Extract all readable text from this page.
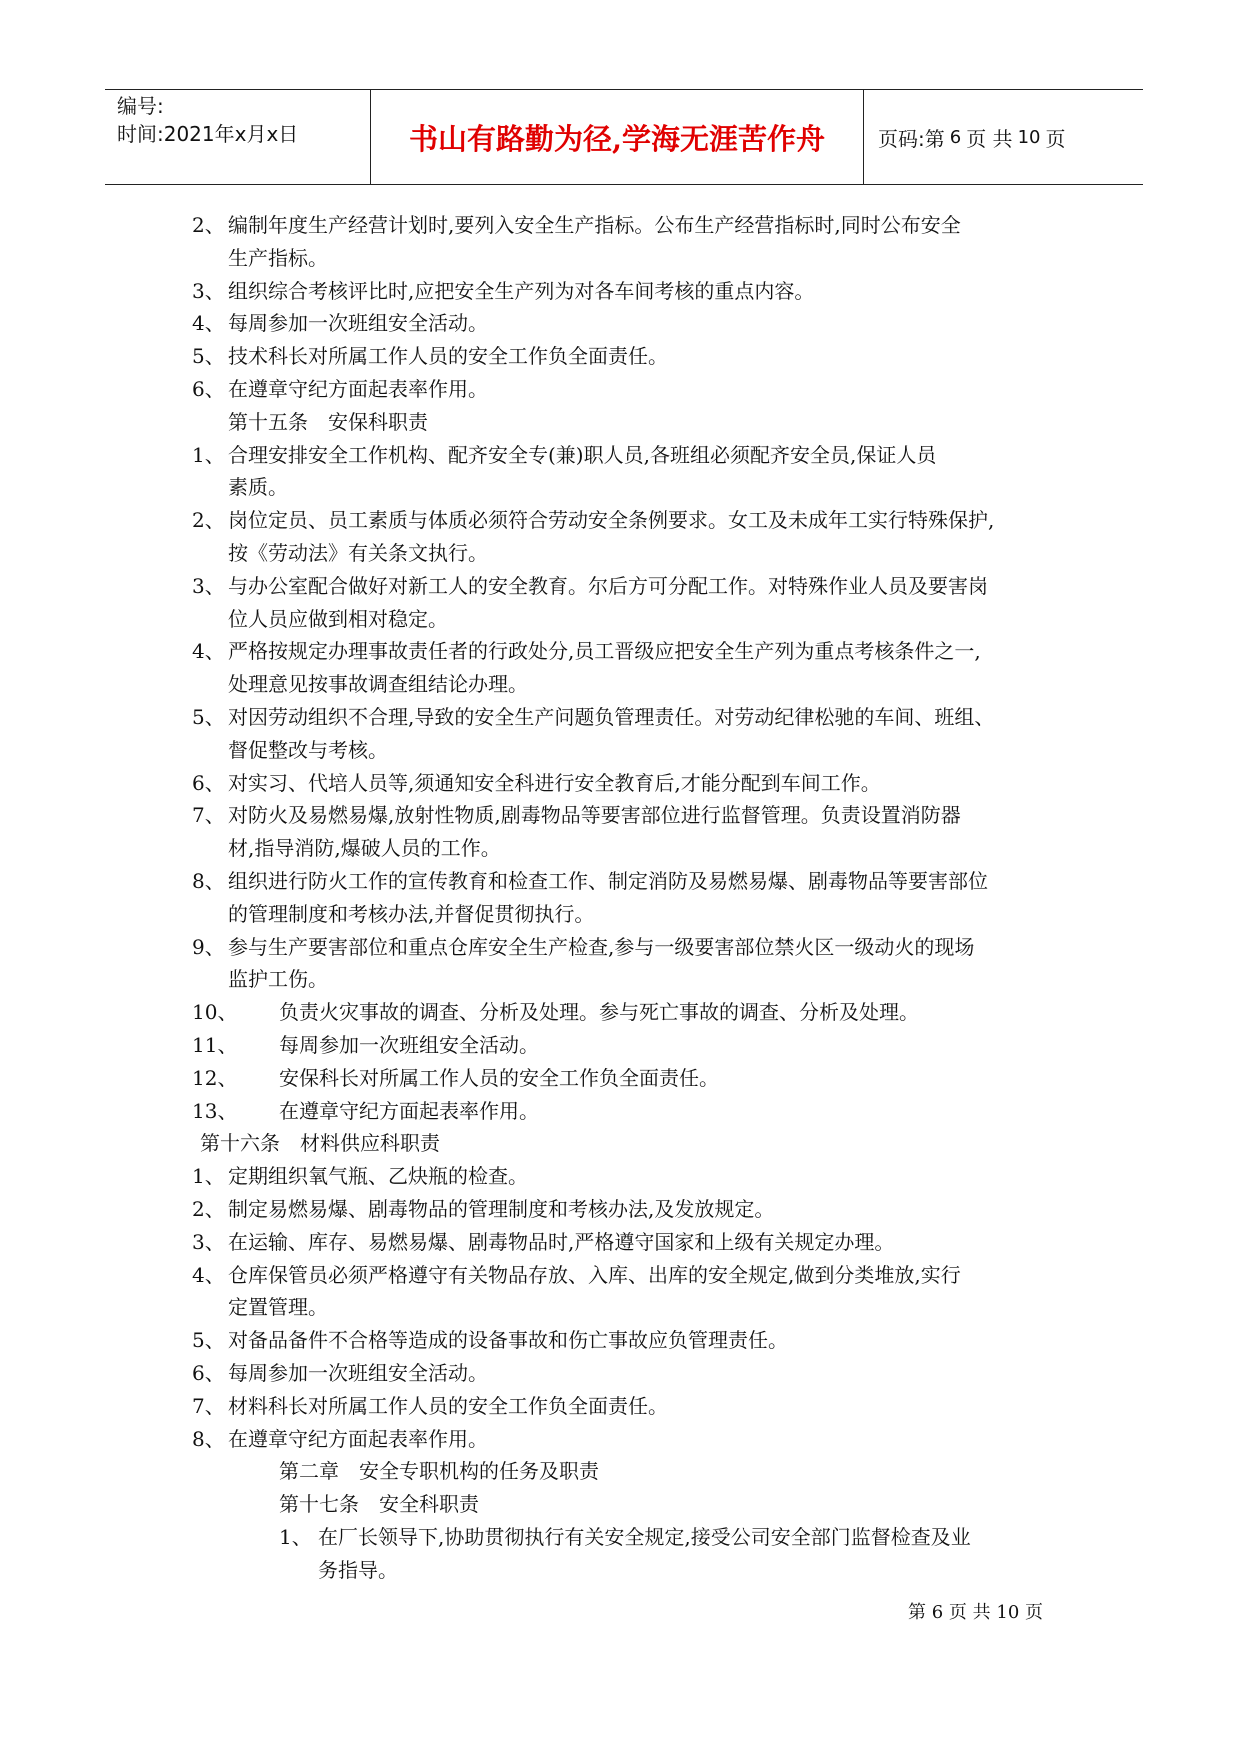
编号:
时间:2021年x月x日	书山有路勤为径,学海无涯苦作舟	页码:第 6 页 共 10 页
2、 编制年度生产经营计划时,要列入安全生产指标。公布生产经营指标时,同时公布安全
生产指标。
3、 组织综合考核评比时,应把安全生产列为对各车间考核的重点内容。
4、 每周参加一次班组安全活动。
5、 技术科长对所属工作人员的安全工作负全面责任。
6、 在遵章守纪方面起表率作用。
第十五条　安保科职责
1、 合理安排安全工作机构、配齐安全专(兼)职人员,各班组必须配齐安全员,保证人员
素质。
2、 岗位定员、员工素质与体质必须符合劳动安全条例要求。女工及未成年工实行特殊保护,
按《劳动法》有关条文执行。
3、 与办公室配合做好对新工人的安全教育。尔后方可分配工作。对特殊作业人员及要害岗
位人员应做到相对稳定。
4、 严格按规定办理事故责任者的行政处分,员工晋级应把安全生产列为重点考核条件之一,
处理意见按事故调查组结论办理。
5、 对因劳动组织不合理,导致的安全生产问题负管理责任。对劳动纪律松驰的车间、班组、
督促整改与考核。
6、 对实习、代培人员等,须通知安全科进行安全教育后,才能分配到车间工作。
7、 对防火及易燃易爆,放射性物质,剧毒物品等要害部位进行监督管理。负责设置消防器
材,指导消防,爆破人员的工作。
8、 组织进行防火工作的宣传教育和检查工作、制定消防及易燃易爆、剧毒物品等要害部位
的管理制度和考核办法,并督促贯彻执行。
9、 参与生产要害部位和重点仓库安全生产检查,参与一级要害部位禁火区一级动火的现场
监护工伤。
10、 负责火灾事故的调查、分析及处理。参与死亡事故的调查、分析及处理。
11、 每周参加一次班组安全活动。
12、 安保科长对所属工作人员的安全工作负全面责任。
13、 在遵章守纪方面起表率作用。
第十六条　材料供应科职责
1、 定期组织氧气瓶、乙炔瓶的检查。
2、 制定易燃易爆、剧毒物品的管理制度和考核办法,及发放规定。
3、 在运输、库存、易燃易爆、剧毒物品时,严格遵守国家和上级有关规定办理。
4、 仓库保管员必须严格遵守有关物品存放、入库、出库的安全规定,做到分类堆放,实行
定置管理。
5、 对备品备件不合格等造成的设备事故和伤亡事故应负管理责任。
6、 每周参加一次班组安全活动。
7、 材料科长对所属工作人员的安全工作负全面责任。
8、 在遵章守纪方面起表率作用。
第二章　安全专职机构的任务及职责
第十七条　安全科职责
1、 在厂长领导下,协助贯彻执行有关安全规定,接受公司安全部门监督检查及业
务指导。
第 6 页 共 10 页
